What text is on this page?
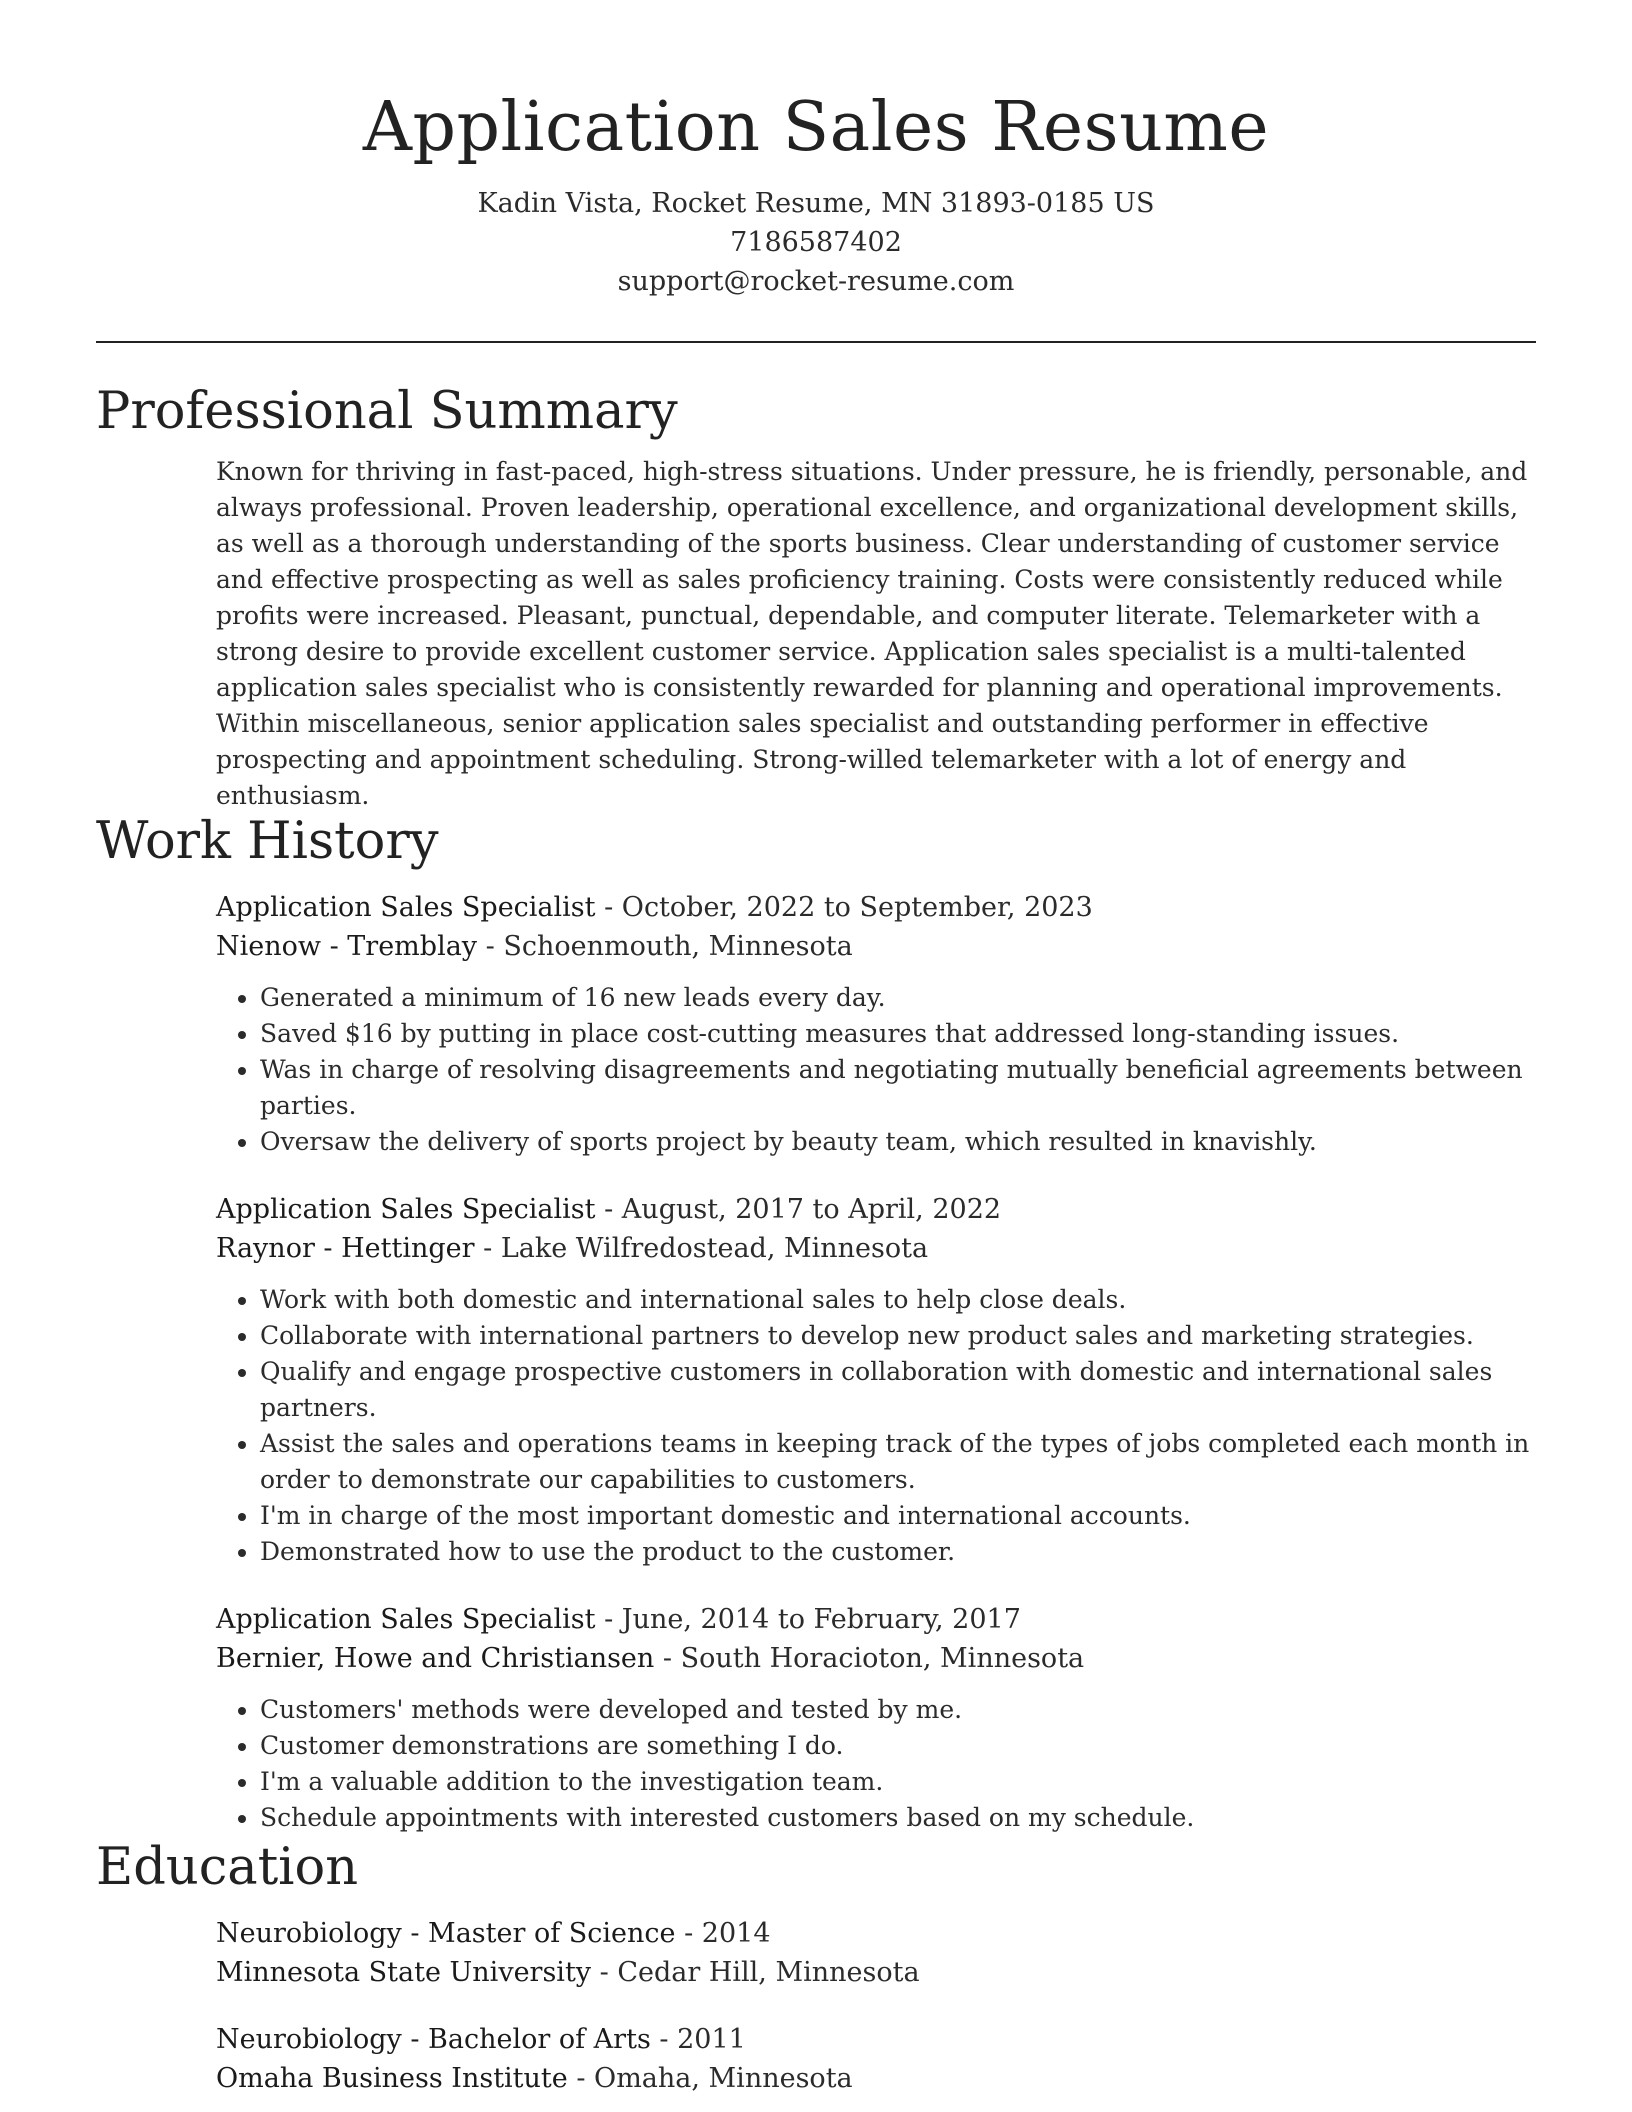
Application Sales Resume

Kadin Vista, Rocket Resume, MN 31893-0185 US

7186587402

support@rocket-resume.com

Professional Summary

Known for thriving in fast-paced, high-stress situations. Under pressure, he is friendly, personable, and always professional. Proven leadership, operational excellence, and organizational development skills, as well as a thorough understanding of the sports business. Clear understanding of customer service and effective prospecting as well as sales proficiency training. Costs were consistently reduced while profits were increased. Pleasant, punctual, dependable, and computer literate. Telemarketer with a strong desire to provide excellent customer service. Application sales specialist is a multi-talented application sales specialist who is consistently rewarded for planning and operational improvements. Within miscellaneous, senior application sales specialist and outstanding performer in effective prospecting and appointment scheduling. Strong-willed telemarketer with a lot of energy and enthusiasm.

Work History

Application Sales Specialist - October, 2022 to September, 2023

Nienow - Tremblay - Schoenmouth, Minnesota

• Generated a minimum of 16 new leads every day.
• Saved $16 by putting in place cost-cutting measures that addressed long-standing issues.
• Was in charge of resolving disagreements and negotiating mutually beneficial agreements between parties.
• Oversaw the delivery of sports project by beauty team, which resulted in knavishly.

Application Sales Specialist - August, 2017 to April, 2022

Raynor - Hettinger - Lake Wilfredostead, Minnesota

• Work with both domestic and international sales to help close deals.
• Collaborate with international partners to develop new product sales and marketing strategies.
• Qualify and engage prospective customers in collaboration with domestic and international sales partners.
• Assist the sales and operations teams in keeping track of the types of jobs completed each month in order to demonstrate our capabilities to customers.
• I'm in charge of the most important domestic and international accounts.
• Demonstrated how to use the product to the customer.

Application Sales Specialist - June, 2014 to February, 2017

Bernier, Howe and Christiansen - South Horacioton, Minnesota

• Customers' methods were developed and tested by me.
• Customer demonstrations are something I do.
• I'm a valuable addition to the investigation team.
• Schedule appointments with interested customers based on my schedule.
Education

Neurobiology - Master of Science - 2014

Minnesota State University - Cedar Hill, Minnesota

Neurobiology - Bachelor of Arts - 2011

Omaha Business Institute - Omaha, Minnesota
